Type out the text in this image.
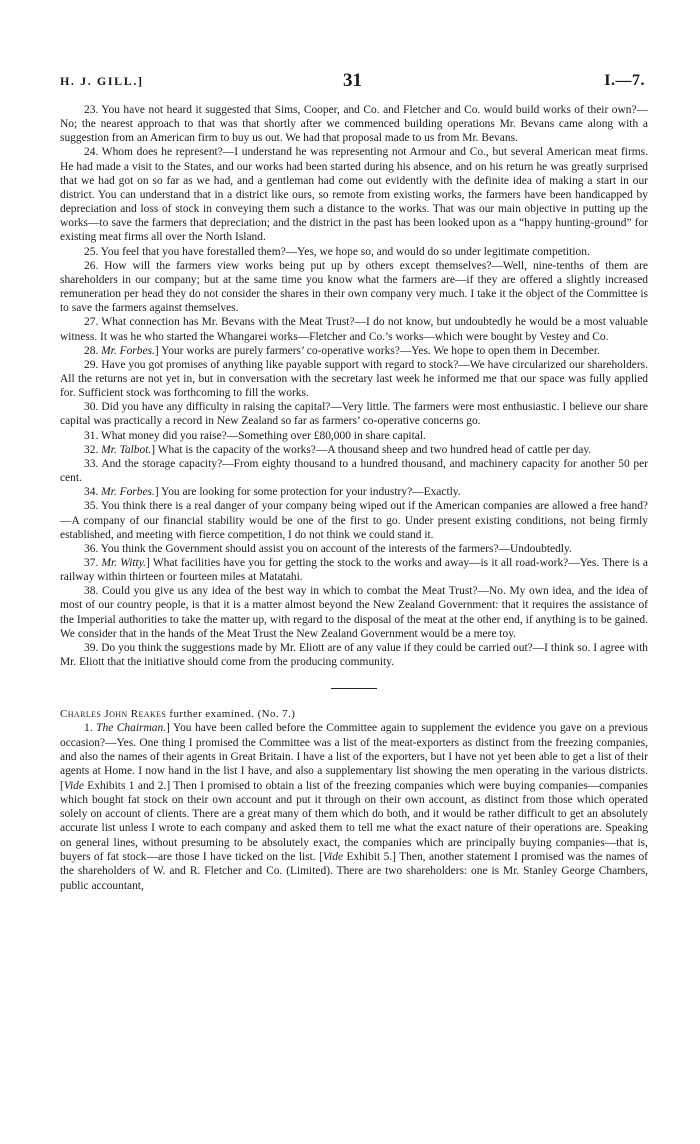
H. J. GILL.]	31	I.—7.

23. You have not heard it suggested that Sims, Cooper, and Co. and Fletcher and Co. would build works of their own?—No; the nearest approach to that was that shortly after we commenced building operations Mr. Bevans came along with a suggestion from an American firm to buy us out. We had that proposal made to us from Mr. Bevans.

24. Whom does he represent?—I understand he was representing not Armour and Co., but several American meat firms. He had made a visit to the States, and our works had been started during his absence, and on his return he was greatly surprised that we had got on so far as we had, and a gentleman had come out evidently with the definite idea of making a start in our district. You can understand that in a district like ours, so remote from existing works, the farmers have been handicapped by depreciation and loss of stock in conveying them such a distance to the works. That was our main objective in putting up the works—to save the farmers that depreciation; and the district in the past has been looked upon as a “happy hunting-ground” for existing meat firms all over the North Island.

25. You feel that you have forestalled them?—Yes, we hope so, and would do so under legitimate competition.

26. How will the farmers view works being put up by others except themselves?—Well, nine-tenths of them are shareholders in our company; but at the same time you know what the farmers are—if they are offered a slightly increased remuneration per head they do not consider the shares in their own company very much. I take it the object of the Committee is to save the farmers against themselves.

27. What connection has Mr. Bevans with the Meat Trust?—I do not know, but undoubtedly he would be a most valuable witness. It was he who started the Whangarei works—Fletcher and Co.’s works—which were bought by Vestey and Co.

28. Mr. Forbes.] Your works are purely farmers’ co-operative works?—Yes. We hope to open them in December.

29. Have you got promises of anything like payable support with regard to stock?—We have circularized our shareholders. All the returns are not yet in, but in conversation with the secretary last week he informed me that our space was fully applied for. Sufficient stock was forthcoming to fill the works.

30. Did you have any difficulty in raising the capital?—Very little. The farmers were most enthusiastic. I believe our share capital was practically a record in New Zealand so far as farmers’ co-operative concerns go.

31. What money did you raise?—Something over £80,000 in share capital.

32. Mr. Talbot.] What is the capacity of the works?—A thousand sheep and two hundred head of cattle per day.

33. And the storage capacity?—From eighty thousand to a hundred thousand, and machinery capacity for another 50 per cent.

34. Mr. Forbes.] You are looking for some protection for your industry?—Exactly.

35. You think there is a real danger of your company being wiped out if the American companies are allowed a free hand?—A company of our financial stability would be one of the first to go. Under present existing conditions, not being firmly established, and meeting with fierce competition, I do not think we could stand it.

36. You think the Government should assist you on account of the interests of the farmers?—Undoubtedly.

37. Mr. Witty.] What facilities have you for getting the stock to the works and away—is it all road-work?—Yes. There is a railway within thirteen or fourteen miles at Matatahi.

38. Could you give us any idea of the best way in which to combat the Meat Trust?—No. My own idea, and the idea of most of our country people, is that it is a matter almost beyond the New Zealand Government: that it requires the assistance of the Imperial authorities to take the matter up, with regard to the disposal of the meat at the other end, if anything is to be gained. We consider that in the hands of the Meat Trust the New Zealand Government would be a mere toy.

39. Do you think the suggestions made by Mr. Eliott are of any value if they could be carried out?—I think so. I agree with Mr. Eliott that the initiative should come from the producing community.

Charles John Reakes further examined. (No. 7.)

1. The Chairman.] You have been called before the Committee again to supplement the evidence you gave on a previous occasion?—Yes. One thing I promised the Committee was a list of the meat-exporters as distinct from the freezing companies, and also the names of their agents in Great Britain. I have a list of the exporters, but I have not yet been able to get a list of their agents at Home. I now hand in the list I have, and also a supplementary list showing the men operating in the various districts. [Vide Exhibits 1 and 2.] Then I promised to obtain a list of the freezing companies which were buying companies—companies which bought fat stock on their own account and put it through on their own account, as distinct from those which operated solely on account of clients. There are a great many of them which do both, and it would be rather difficult to get an absolutely accurate list unless I wrote to each company and asked them to tell me what the exact nature of their operations are. Speaking on general lines, without presuming to be absolutely exact, the companies which are principally buying companies—that is, buyers of fat stock—are those I have ticked on the list. [Vide Exhibit 5.] Then, another statement I promised was the names of the shareholders of W. and R. Fletcher and Co. (Limited). There are two shareholders: one is Mr. Stanley George Chambers, public accountant,
